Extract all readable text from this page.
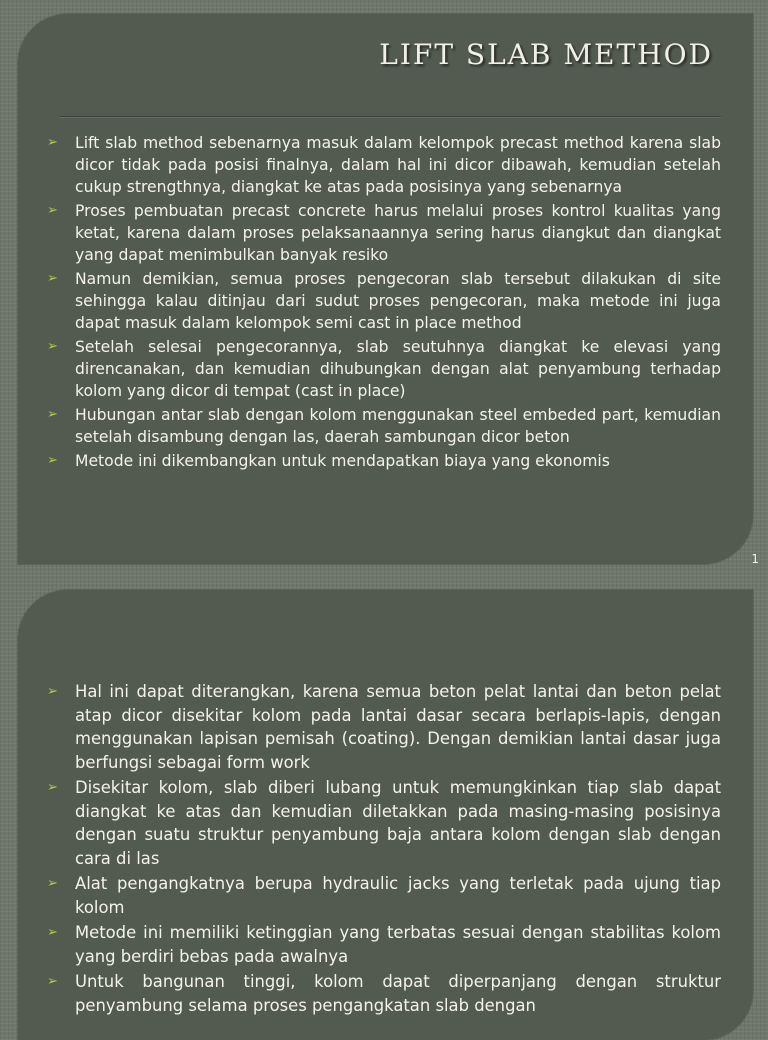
LIFT SLAB METHOD
➢ Lift slab method sebenarnya masuk dalam kelompok precast method karena slab dicor tidak pada posisi finalnya, dalam hal ini dicor dibawah, kemudian setelah cukup strengthnya, diangkat ke atas pada posisinya yang sebenarnya
➢ Proses pembuatan precast concrete harus melalui proses kontrol kualitas yang ketat, karena dalam proses pelaksanaannya sering harus diangkut dan diangkat yang dapat menimbulkan banyak resiko
➢ Namun demikian, semua proses pengecoran slab tersebut dilakukan di site sehingga kalau ditinjau dari sudut proses pengecoran, maka metode ini juga dapat masuk dalam kelompok semi cast in place method
➢ Setelah selesai pengecorannya, slab seutuhnya diangkat ke elevasi yang direncanakan, dan kemudian dihubungkan dengan alat penyambung terhadap kolom yang dicor di tempat (cast in place)
➢ Hubungan antar slab dengan kolom menggunakan steel embeded part, kemudian setelah disambung dengan las, daerah sambungan dicor beton
➢ Metode ini dikembangkan untuk mendapatkan biaya yang ekonomis
1
➢ Hal ini dapat diterangkan, karena semua beton pelat lantai dan beton pelat atap dicor disekitar kolom pada lantai dasar secara berlapis-lapis, dengan menggunakan lapisan pemisah (coating). Dengan demikian lantai dasar juga berfungsi sebagai form work
➢ Disekitar kolom, slab diberi lubang untuk memungkinkan tiap slab dapat diangkat ke atas dan kemudian diletakkan pada masing-masing posisinya dengan suatu struktur penyambung baja antara kolom dengan slab dengan cara di las
➢ Alat pengangkatnya berupa hydraulic jacks yang terletak pada ujung tiap kolom
➢ Metode ini memiliki ketinggian yang terbatas sesuai dengan stabilitas kolom yang berdiri bebas pada awalnya
➢ Untuk bangunan tinggi, kolom dapat diperpanjang dengan struktur penyambung selama proses pengangkatan slab dengan
